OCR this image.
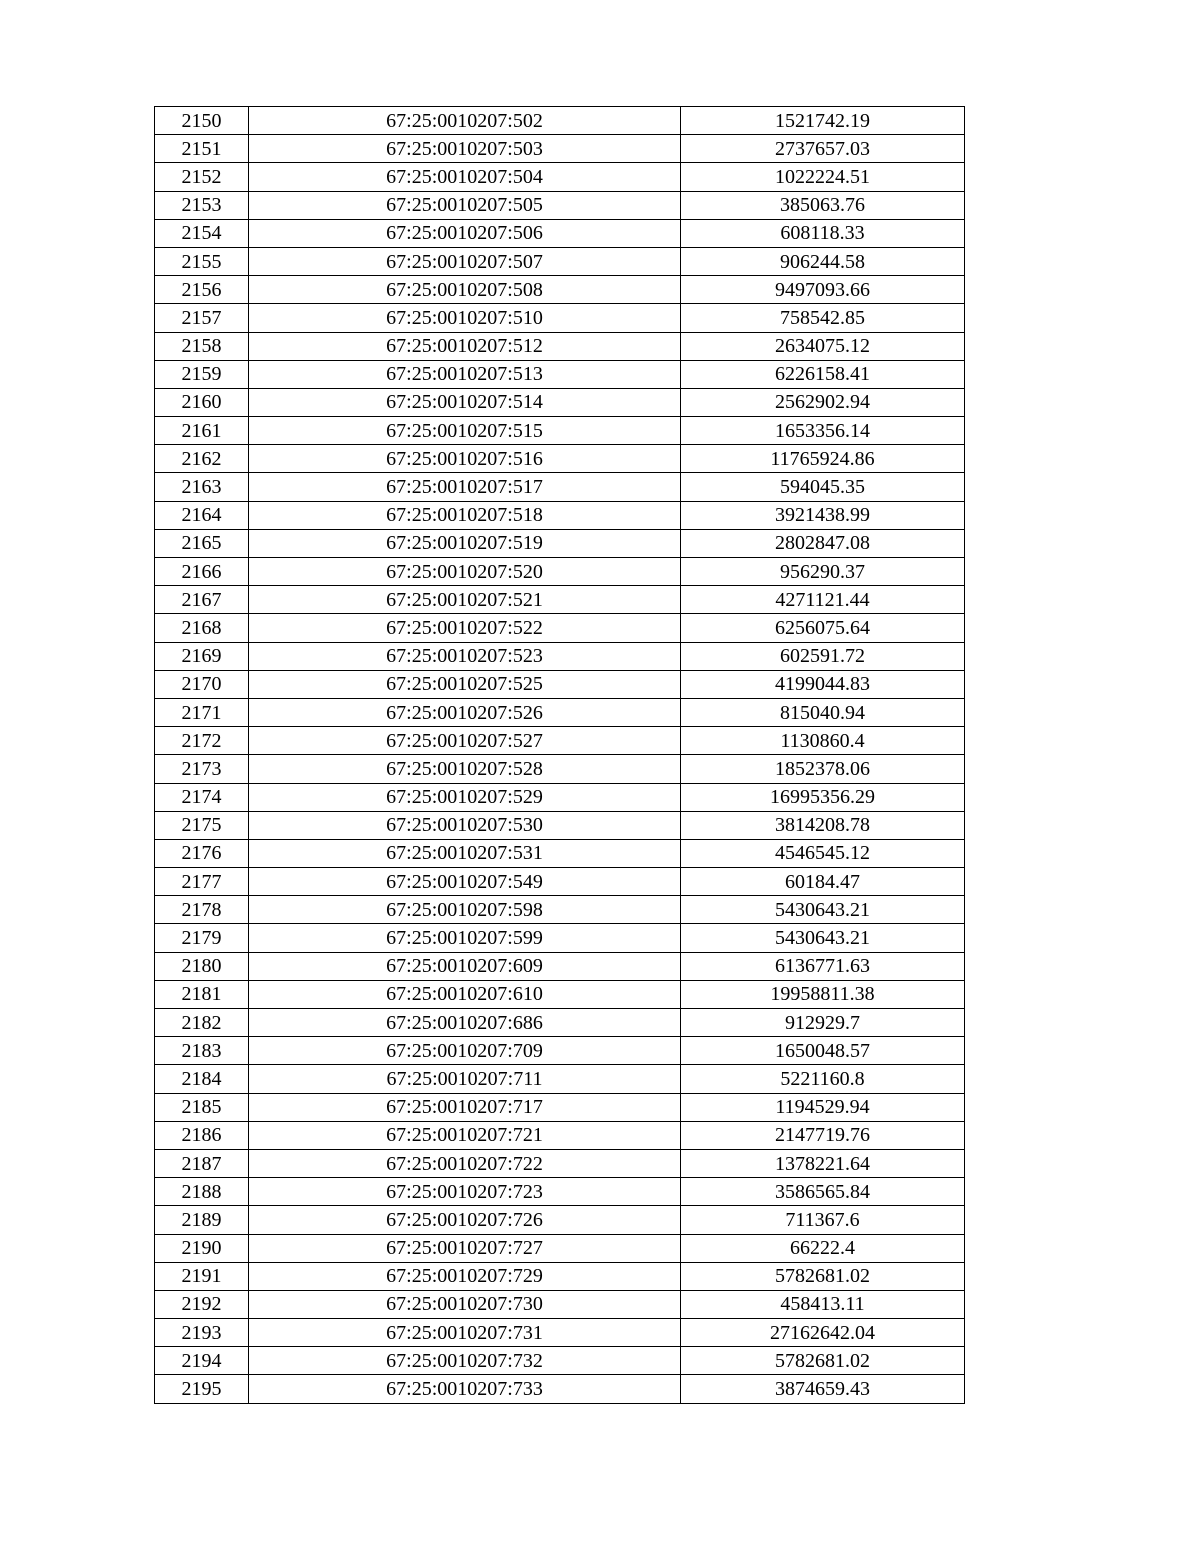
2150	67:25:0010207:502	1521742.19
2151	67:25:0010207:503	2737657.03
2152	67:25:0010207:504	1022224.51
2153	67:25:0010207:505	385063.76
2154	67:25:0010207:506	608118.33
2155	67:25:0010207:507	906244.58
2156	67:25:0010207:508	9497093.66
2157	67:25:0010207:510	758542.85
2158	67:25:0010207:512	2634075.12
2159	67:25:0010207:513	6226158.41
2160	67:25:0010207:514	2562902.94
2161	67:25:0010207:515	1653356.14
2162	67:25:0010207:516	11765924.86
2163	67:25:0010207:517	594045.35
2164	67:25:0010207:518	3921438.99
2165	67:25:0010207:519	2802847.08
2166	67:25:0010207:520	956290.37
2167	67:25:0010207:521	4271121.44
2168	67:25:0010207:522	6256075.64
2169	67:25:0010207:523	602591.72
2170	67:25:0010207:525	4199044.83
2171	67:25:0010207:526	815040.94
2172	67:25:0010207:527	1130860.4
2173	67:25:0010207:528	1852378.06
2174	67:25:0010207:529	16995356.29
2175	67:25:0010207:530	3814208.78
2176	67:25:0010207:531	4546545.12
2177	67:25:0010207:549	60184.47
2178	67:25:0010207:598	5430643.21
2179	67:25:0010207:599	5430643.21
2180	67:25:0010207:609	6136771.63
2181	67:25:0010207:610	19958811.38
2182	67:25:0010207:686	912929.7
2183	67:25:0010207:709	1650048.57
2184	67:25:0010207:711	5221160.8
2185	67:25:0010207:717	1194529.94
2186	67:25:0010207:721	2147719.76
2187	67:25:0010207:722	1378221.64
2188	67:25:0010207:723	3586565.84
2189	67:25:0010207:726	711367.6
2190	67:25:0010207:727	66222.4
2191	67:25:0010207:729	5782681.02
2192	67:25:0010207:730	458413.11
2193	67:25:0010207:731	27162642.04
2194	67:25:0010207:732	5782681.02
2195	67:25:0010207:733	3874659.43
